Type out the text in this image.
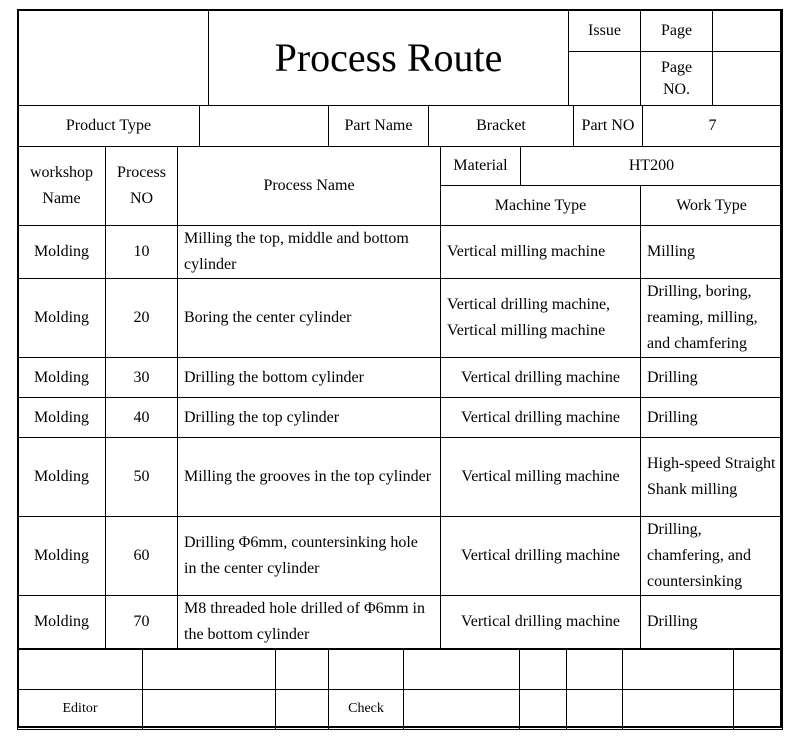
	Process Route	Issue	Page	
			Page NO.	
Product Type		Part Name	Bracket	Part NO	7
workshop Name	Process NO	Process Name	Material	HT200	
			Machine Type		Work Type
Molding	10	Milling the top, middle and bottom cylinder	Vertical milling machine		Milling
Molding	20	Boring the center cylinder	Vertical drilling machine, Vertical milling machine		Drilling, boring, reaming, milling, and chamfering
Molding	30	Drilling the bottom cylinder	Vertical drilling machine		Drilling
Molding	40	Drilling the top cylinder	Vertical drilling machine		Drilling
Molding	50	Milling the grooves in the top cylinder	Vertical milling machine		High-speed Straight Shank milling
Molding	60	Drilling Φ6mm, countersinking hole in the center cylinder	Vertical drilling machine		Drilling, chamfering, and countersinking
Molding	70	M8 threaded hole drilled of Φ6mm in the bottom cylinder	Vertical drilling machine		Drilling

Editor			Check					
